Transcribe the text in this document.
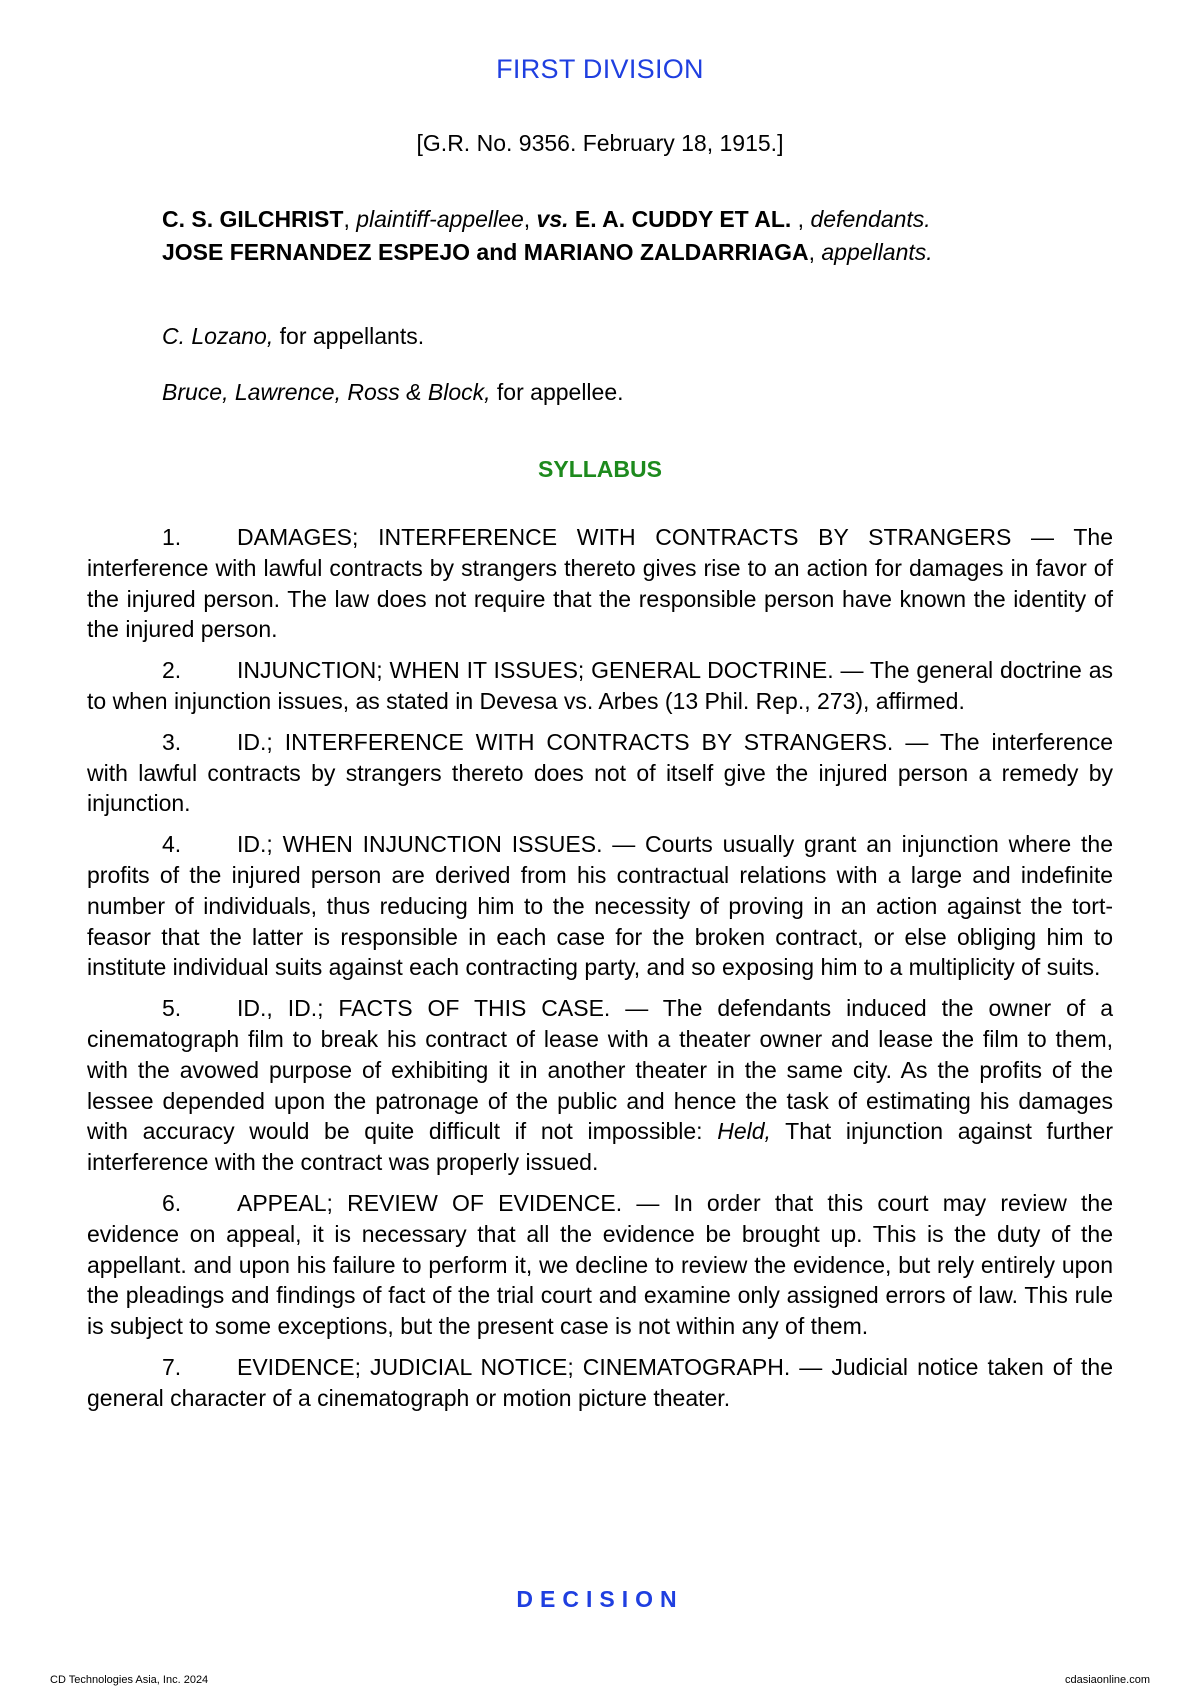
FIRST DIVISION
[G.R. No. 9356. February 18, 1915.]
C. S. GILCHRIST, plaintiff-appellee, vs. E. A. CUDDY ET AL. , defendants.
JOSE FERNANDEZ ESPEJO and MARIANO ZALDARRIAGA, appellants.
C. Lozano, for appellants.
Bruce, Lawrence, Ross & Block, for appellee.
SYLLABUS

1. DAMAGES; INTERFERENCE WITH CONTRACTS BY STRANGERS — The interference with lawful contracts by strangers thereto gives rise to an action for damages in favor of the injured person. The law does not require that the responsible person have known the identity of the injured person.

2. INJUNCTION; WHEN IT ISSUES; GENERAL DOCTRINE. — The general doctrine as to when injunction issues, as stated in Devesa vs. Arbes (13 Phil. Rep., 273), affirmed.

3. ID.; INTERFERENCE WITH CONTRACTS BY STRANGERS. — The interference with lawful contracts by strangers thereto does not of itself give the injured person a remedy by injunction.

4. ID.; WHEN INJUNCTION ISSUES. — Courts usually grant an injunction where the profits of the injured person are derived from his contractual relations with a large and indefinite number of individuals, thus reducing him to the necessity of proving in an action against the tort-feasor that the latter is responsible in each case for the broken contract, or else obliging him to institute individual suits against each contracting party, and so exposing him to a multiplicity of suits.

5. ID., ID.; FACTS OF THIS CASE. — The defendants induced the owner of a cinematograph film to break his contract of lease with a theater owner and lease the film to them, with the avowed purpose of exhibiting it in another theater in the same city. As the profits of the lessee depended upon the patronage of the public and hence the task of estimating his damages with accuracy would be quite difficult if not impossible: Held, That injunction against further interference with the contract was properly issued.

6. APPEAL; REVIEW OF EVIDENCE. — In order that this court may review the evidence on appeal, it is necessary that all the evidence be brought up. This is the duty of the appellant. and upon his failure to perform it, we decline to review the evidence, but rely entirely upon the pleadings and findings of fact of the trial court and examine only assigned errors of law. This rule is subject to some exceptions, but the present case is not within any of them.

7. EVIDENCE; JUDICIAL NOTICE; CINEMATOGRAPH. — Judicial notice taken of the general character of a cinematograph or motion picture theater.

DECISION
CD Technologies Asia, Inc. 2024	cdasiaonline.com
